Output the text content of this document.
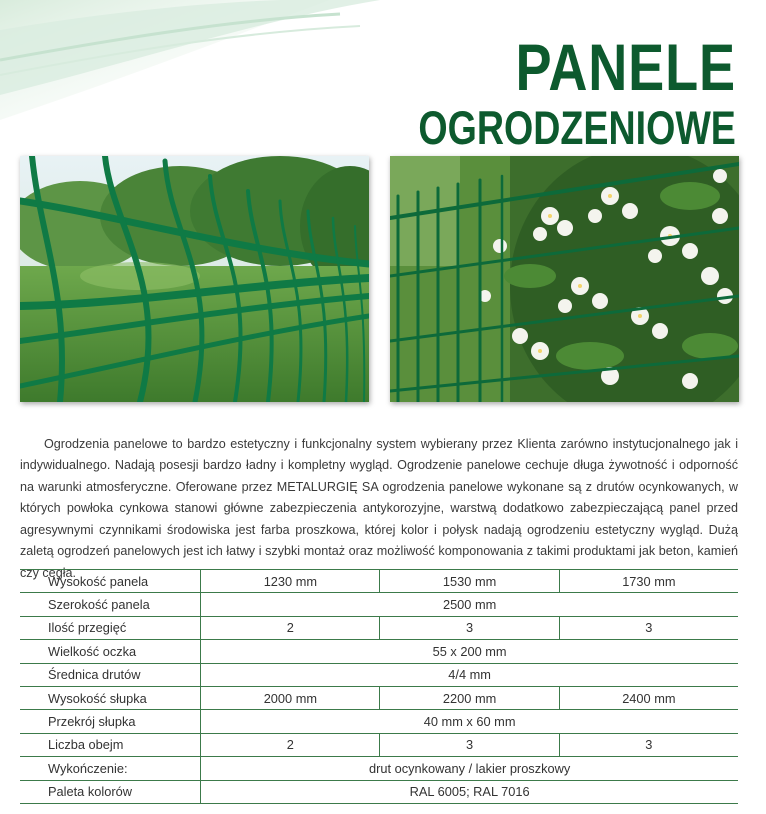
PANELE
OGRODZENIOWE

Ogrodzenia panelowe to bardzo estetyczny i funkcjonalny system wybierany przez Klienta zarówno instytucjonalnego jak i indywidualnego. Nadają posesji bardzo ładny i kompletny wygląd. Ogrodzenie panelowe cechuje długa żywotność i odporność na warunki atmosferyczne. Oferowane przez METALURGIĘ SA ogrodzenia panelowe wykonane są z drutów ocynkowanych, w których powłoka cynkowa stanowi główne zabezpieczenia antykorozyjne, warstwą dodatkowo zabezpieczającą panel przed agresywnymi czynnikami środowiska jest farba proszkowa, której kolor i połysk nadają ogrodzeniu estetyczny wygląd. Dużą zaletą ogrodzeń panelowych jest ich łatwy i szybki montaż oraz możliwość komponowania z takimi produktami jak beton, kamień czy cegła.

Wysokość panela	1230 mm	1530 mm	1730 mm
Szerokość panela	2500 mm		
Ilość przegięć	2	3	3
Wielkość oczka	55 x 200 mm		
Średnica drutów	4/4 mm		
Wysokość słupka	2000 mm	2200 mm	2400 mm
Przekrój słupka	40 mm x 60 mm		
Liczba obejm	2	3	3
Wykończenie:	drut ocynkowany / lakier proszkowy		
Paleta kolorów	RAL 6005; RAL 7016		
